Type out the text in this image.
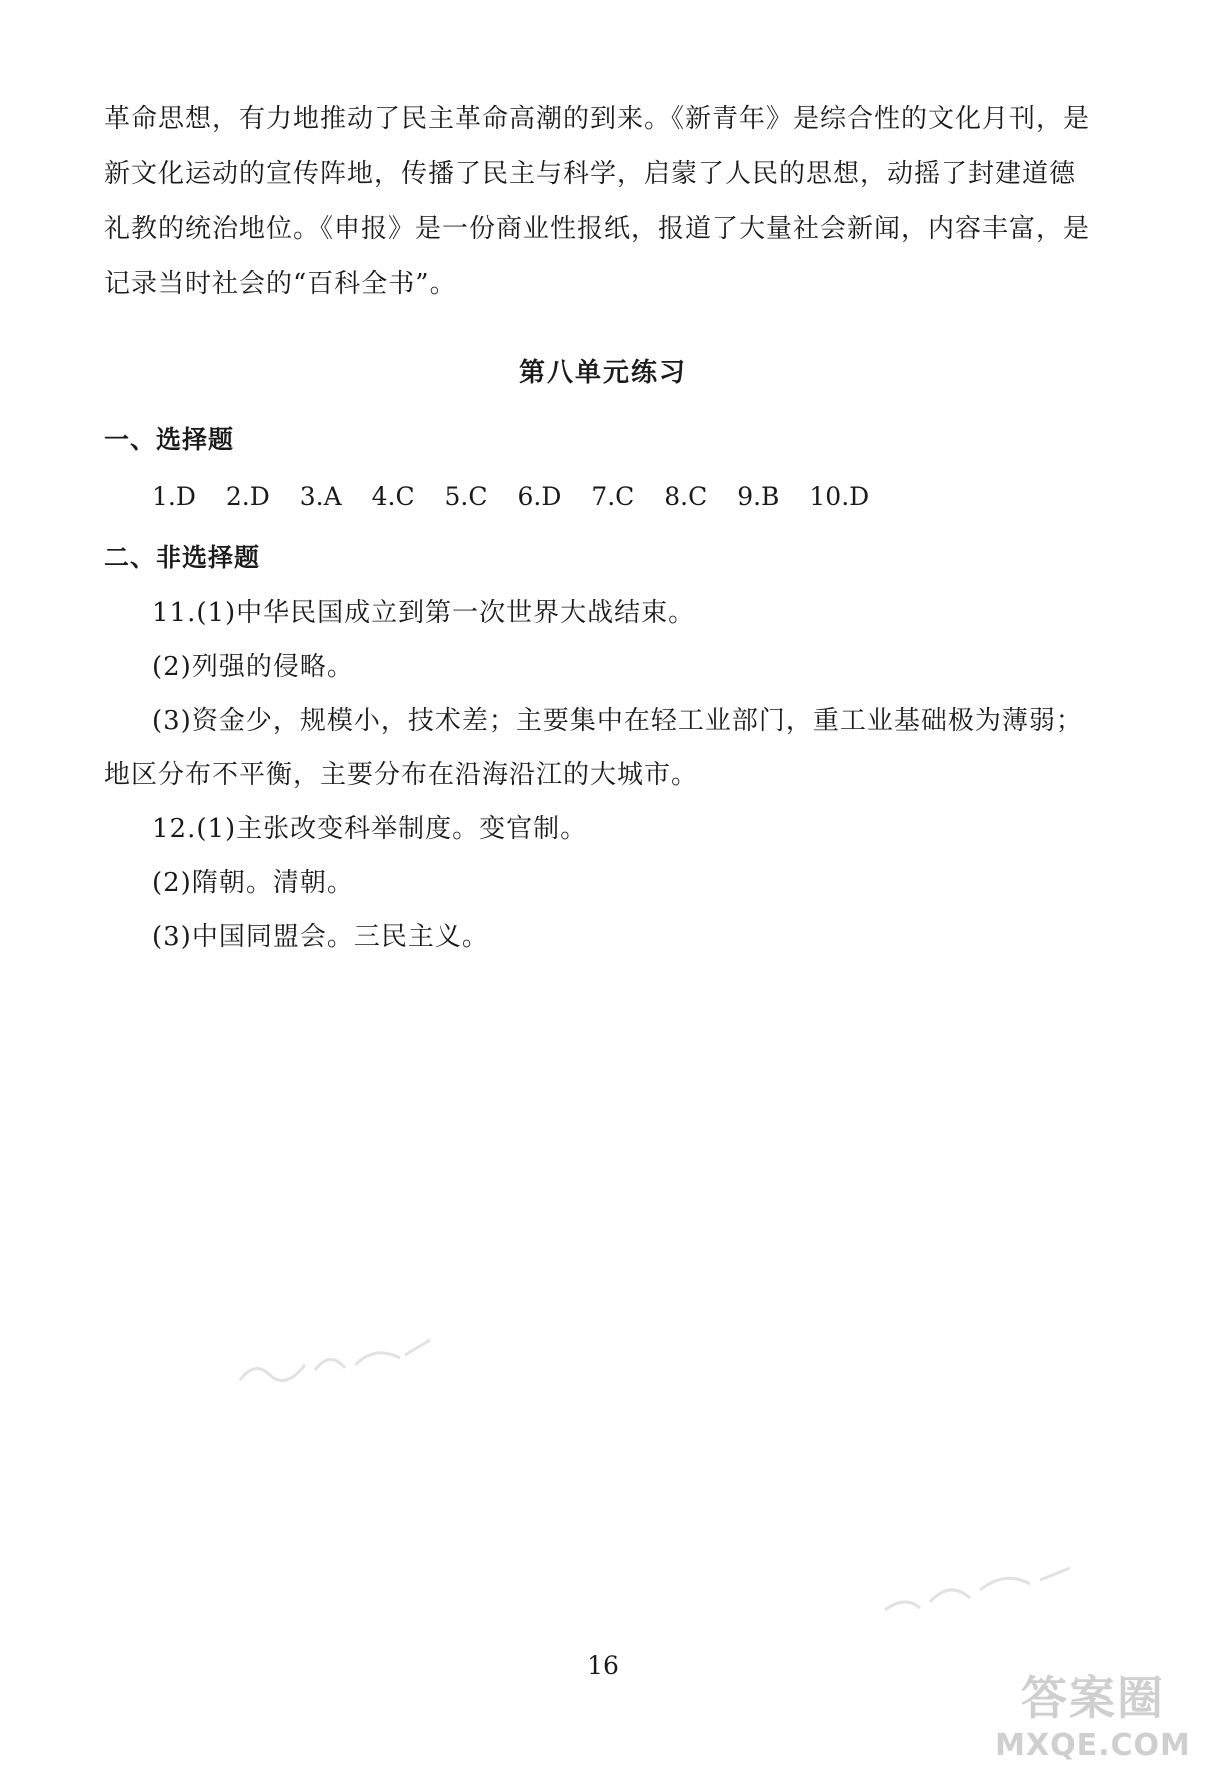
革命思想，有力地推动了民主革命高潮的到来。《新青年》是综合性的文化月刊，是新文化运动的宣传阵地，传播了民主与科学，启蒙了人民的思想，动摇了封建道德礼教的统治地位。《申报》是一份商业性报纸，报道了大量社会新闻，内容丰富，是记录当时社会的“百科全书”。
第八单元练习
一、选择题
1.D 2.D 3.A 4.C 5.C 6.D 7.C 8.C 9.B 10.D
二、非选择题
11.(1)中华民国成立到第一次世界大战结束。
(2)列强的侵略。
(3)资金少，规模小，技术差；主要集中在轻工业部门，重工业基础极为薄弱；
地区分布不平衡，主要分布在沿海沿江的大城市。
12.(1)主张改变科举制度。变官制。
(2)隋朝。清朝。
(3)中国同盟会。三民主义。
16
答案圈
MXQE.COM
